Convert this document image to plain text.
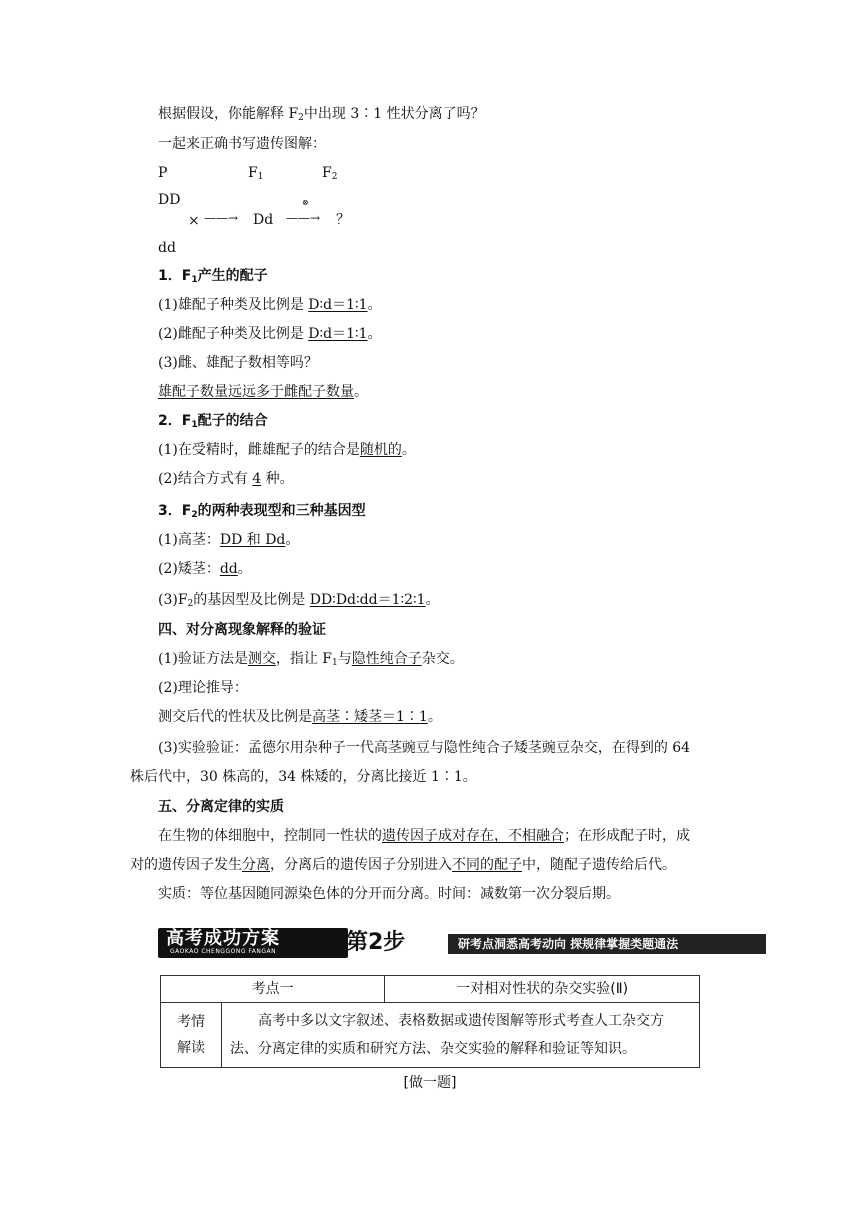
根据假设，你能解释 $F_2$中出现 3∶1 性状分离了吗？
一起来正确书写遗传图解：
P	$F_1$	$F_2$
DD
× ——→ Dd
⊗
——→ ？
dd
1．$F_1$产生的配子
(1)雄配子种类及比例是 D∶d＝1∶1。
(2)雌配子种类及比例是 D∶d＝1∶1。
(3)雌、雄配子数相等吗？
雄配子数量远远多于雌配子数量。
2．$F_1$配子的结合
(1)在受精时，雌雄配子的结合是随机的。
(2)结合方式有 4 种。
3．$F_2$的两种表现型和三种基因型
(1)高茎：DD 和 Dd。
(2)矮茎：dd。
$(3)F_2$的基因型及比例是 DD∶Dd∶dd＝1∶2∶1。
四、对分离现象解释的验证
(1)验证方法是测交，指让 $F_1$与隐性纯合子杂交。
(2)理论推导：
测交后代的性状及比例是高茎∶矮茎＝1∶1。
(3)实验验证：孟德尔用杂种子一代高茎豌豆与隐性纯合子矮茎豌豆杂交，在得到的 64
株后代中，30 株高的，34 株矮的，分离比接近 1∶1。
五、分离定律的实质
在生物的体细胞中，控制同一性状的遗传因子成对存在，不相融合；在形成配子时，成
对的遗传因子发生分离，分离后的遗传因子分别进入不同的配子中，随配子遗传给后代。
实质：等位基因随同源染色体的分开而分离。时间：减数第一次分裂后期。
高考成功方案
GAOKAO CHENGGONG FANGAN	第2步	研考点洞悉高考动向 探规律掌握类题通法
考点一		一对相对性状的杂交实验(Ⅱ)

考情
解读	　　高考中多以文字叙述、表格数据或遗传图解等形式考查人工杂交方法、分离定律的实质和研究方法、杂交实验的解释和验证等知识。	
[做一题]
